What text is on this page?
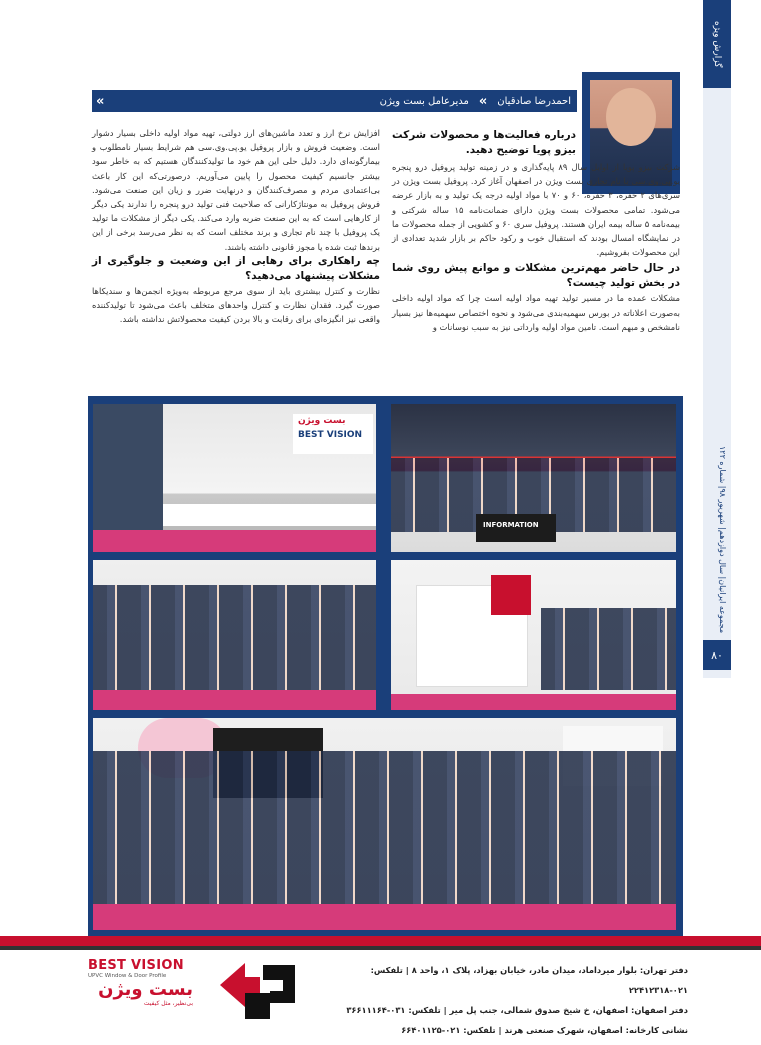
گزارش ویژه
مجموعه ایرانیان| سال دوازدهم| شهریور ۹۸| شماره ۱۲۲
۸۰
«	مدیرعامل بست ویژن «	احمدرضا صادقیان
درباره فعالیت‌ها و محصولات شرکت بیزو پویا توضیح دهید.

شرکت بیزو پویا از اوایل سال ۸۹ پایه‌گذاری و در زمینه تولید پروفیل درو پنجره یو.پی.وی.سی با نام تجاری بست ویژن در اصفهان آغاز کرد. پروفیل بست ویژن در سری‌های ۲ حفره، ۳ حفره، ۶۰ و ۷۰ با مواد اولیه درجه یک تولید و به بازار عرضه می‌شود. تمامی محصولات بست ویژن دارای ضمانت‌نامه ۱۵ ساله شرکتی و بیمه‌نامه ۵ ساله بیمه ایران هستند. پروفیل سری ۶۰ و کشویی از جمله محصولات ما در نمایشگاه امسال بودند که استقبال خوب و رکود حاکم بر بازار شدید تعدادی از این محصولات بفروشیم.

در حال حاضر مهم‌ترین مشکلات و موانع پیش روی شما در بخش تولید چیست؟

مشکلات عمده ما در مسیر تولید تهیه مواد اولیه است چرا که مواد اولیه داخلی به‌صورت اعلاناته در بورس سهمیه‌بندی می‌شود و نحوه اختصاص سهمیه‌ها نیز بسیار نامشخص و مبهم است. تامین مواد اولیه وارداتی نیز به سبب نوسانات و

افزایش نرخ ارز و تعدد ماشین‌های ارز دولتی، تهیه مواد اولیه داخلی بسیار دشوار است. وضعیت فروش و بازار پروفیل یو.پی.وی.سی هم شرایط بسیار نامطلوب و بیمارگونه‌ای دارد. دلیل حلی این هم خود ما تولیدکنندگان هستیم که به خاطر سود بیشتر جانسیم کیفیت محصول را پایین می‌آوریم. درصورتی‌که این کار باعث بی‌اعتمادی مردم و مصرف‌کنندگان و درنهایت ضرر و زیان این صنعت می‌شود. فروش پروفیل به مونتاژکارانی که صلاحیت فنی تولید درو پنجره را ندارند یکی دیگر از کارهایی است که به این صنعت ضربه وارد می‌کند. یکی دیگر از مشکلات ما تولید یک پروفیل با چند نام تجاری و برند مختلف است که به نظر می‌رسد برخی از این برندها ثبت شده یا مجوز قانونی داشته باشند.

چه راهکاری برای رهایی از این وضعیت و جلوگیری از مشکلات پیشنهاد می‌دهید؟

نظارت و کنترل بیشتری باید از سوی مرجع مربوطه به‌ویژه انجمن‌ها و سندیکاها صورت گیرد. فقدان نظارت و کنترل واحدهای متخلف باعث می‌شود تا تولیدکننده واقعی نیز انگیزه‌ای برای رقابت و بالا بردن کیفیت محصولاتش نداشته باشد.

بست ویژن
BEST VISION
INFORMATION
BEST VISION
UPVC Window & Door Profile
بست ویژن
بی‌نظیر، مثل کیفیت
دفتر تهران: بلوار میرداماد، میدان مادر، خیابان بهزاد، پلاک ۱، واحد ۸ | تلفکس: ۰۲۱-۲۲۴۱۲۳۱۸
دفتر اصفهان: اصفهان، خ شیخ صدوق شمالی، جنب پل میر | تلفکس: ۰۳۱-۳۶۶۱۱۱۶۴
نشانی کارخانه: اصفهان، شهرک صنعتی هرند | تلفکس: ۰۲۱-۶۶۴۰۱۱۲۵
